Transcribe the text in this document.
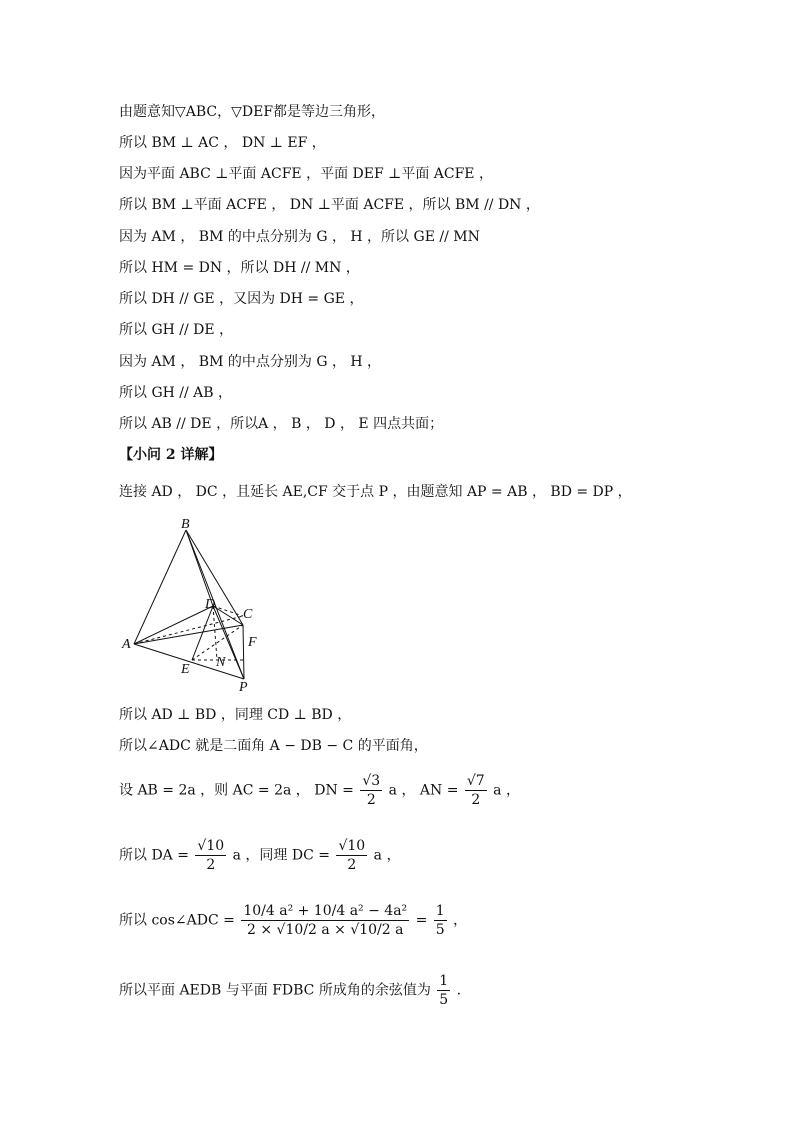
由题意知▽ABC，▽DEF都是等边三角形，
所以 BM ⊥ AC ， DN ⊥ EF ，
因为平面 ABC ⊥平面 ACFE ，平面 DEF ⊥平面 ACFE ，
所以 BM ⊥平面 ACFE ， DN ⊥平面 ACFE ，所以 BM // DN ，
因为 AM ， BM 的中点分别为 G ， H ，所以 GE // MN
所以 HM = DN ，所以 DH // MN ，
所以 DH // GE ，又因为 DH = GE ，
所以 GH // DE ，
因为 AM ， BM 的中点分别为 G ， H ，
所以 GH // AB ，
所以 AB // DE ，所以A ， B ， D ， E 四点共面；
【小问 2 详解】
连接 AD ， DC ，且延长 AE,CF 交于点 P ，由题意知 AP = AB ， BD = DP ，
B
D
C
A	F
N
E
P
所以 AD ⊥ BD ，同理 CD ⊥ BD ，
所以∠ADC 就是二面角 A − DB − C 的平面角，
设 AB = 2a ，则 AC = 2a ， DN = $\frac{√3}{2}$ a ， AN = $\frac{√7}{2}$ a ，
所以 DA = $\frac{√10}{2}$ a ，同理 DC = $\frac{√10}{2}$ a ，
所以 cos∠ADC = $\frac{\text{10/4 a² + 10/4 a² − 4a²}}{2 \times √10/2 a \times √10/2 a} = \frac{1}{5}$ ，
所以平面 AEDB 与平面 FDBC 所成角的余弦值为 $\frac{1}{5}$ .
